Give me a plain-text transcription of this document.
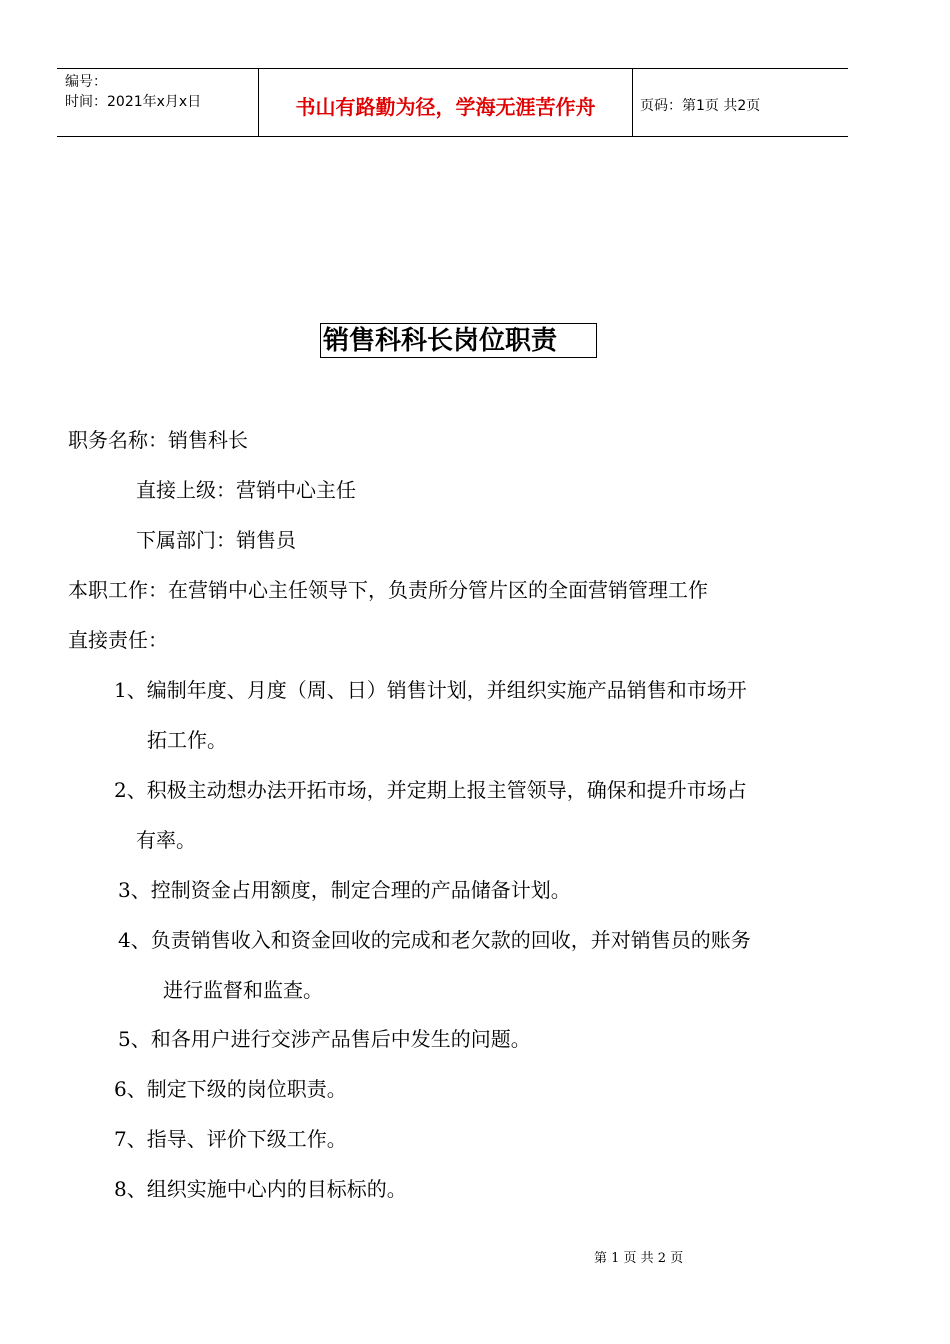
编号：
时间：2021年x月x日	书山有路勤为径，学海无涯苦作舟	页码：第1页 共2页
销售科科长岗位职责
职务名称：销售科长
直接上级：营销中心主任
下属部门：销售员
本职工作：在营销中心主任领导下，负责所分管片区的全面营销管理工作
直接责任：
1、编制年度、月度（周、日）销售计划，并组织实施产品销售和市场开
拓工作。
2、积极主动想办法开拓市场，并定期上报主管领导，确保和提升市场占
有率。
3、控制资金占用额度，制定合理的产品储备计划。
4、负责销售收入和资金回收的完成和老欠款的回收，并对销售员的账务
进行监督和监查。
5、和各用户进行交涉产品售后中发生的问题。
6、制定下级的岗位职责。
7、指导、评价下级工作。
8、组织实施中心内的目标标的。
第 1 页 共 2 页
